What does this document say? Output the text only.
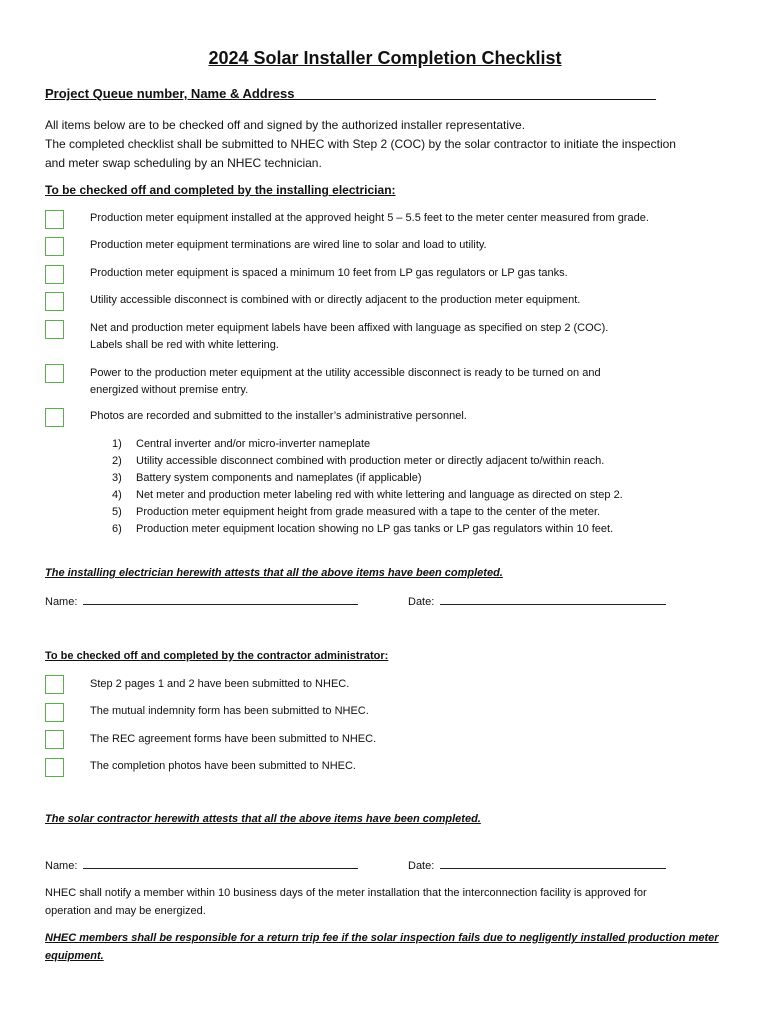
2024 Solar Installer Completion Checklist
Project Queue number, Name & Address__________________________________________________
All items below are to be checked off and signed by the authorized installer representative.
The completed checklist shall be submitted to NHEC with Step 2 (COC) by the solar contractor to initiate the inspection
and meter swap scheduling by an NHEC technician.
To be checked off and completed by the installing electrician:
Production meter equipment installed at the approved height 5 – 5.5 feet to the meter center measured from grade.
Production meter equipment terminations are wired line to solar and load to utility.
Production meter equipment is spaced a minimum 10 feet from LP gas regulators or LP gas tanks.
Utility accessible disconnect is combined with or directly adjacent to the production meter equipment.
Net and production meter equipment labels have been affixed with language as specified on step 2 (COC).
Labels shall be red with white lettering.
Power to the production meter equipment at the utility accessible disconnect is ready to be turned on and
energized without premise entry.
Photos are recorded and submitted to the installer’s administrative personnel.
1)	Central inverter and/or micro-inverter nameplate
2)	Utility accessible disconnect combined with production meter or directly adjacent to/within reach.
3)	Battery system components and nameplates (if applicable)
4)	Net meter and production meter labeling red with white lettering and language as directed on step 2.
5)	Production meter equipment height from grade measured with a tape to the center of the meter.
6)	Production meter equipment location showing no LP gas tanks or LP gas regulators within 10 feet.
The installing electrician herewith attests that all the above items have been completed.
Name:	Date:
To be checked off and completed by the contractor administrator:
Step 2 pages 1 and 2 have been submitted to NHEC.
The mutual indemnity form has been submitted to NHEC.
The REC agreement forms have been submitted to NHEC.
The completion photos have been submitted to NHEC.
The solar contractor herewith attests that all the above items have been completed.
Name:	Date:
NHEC shall notify a member within 10 business days of the meter installation that the interconnection facility is approved for
operation and may be energized.
NHEC members shall be responsible for a return trip fee if the solar inspection fails due to negligently installed production meter
equipment.
